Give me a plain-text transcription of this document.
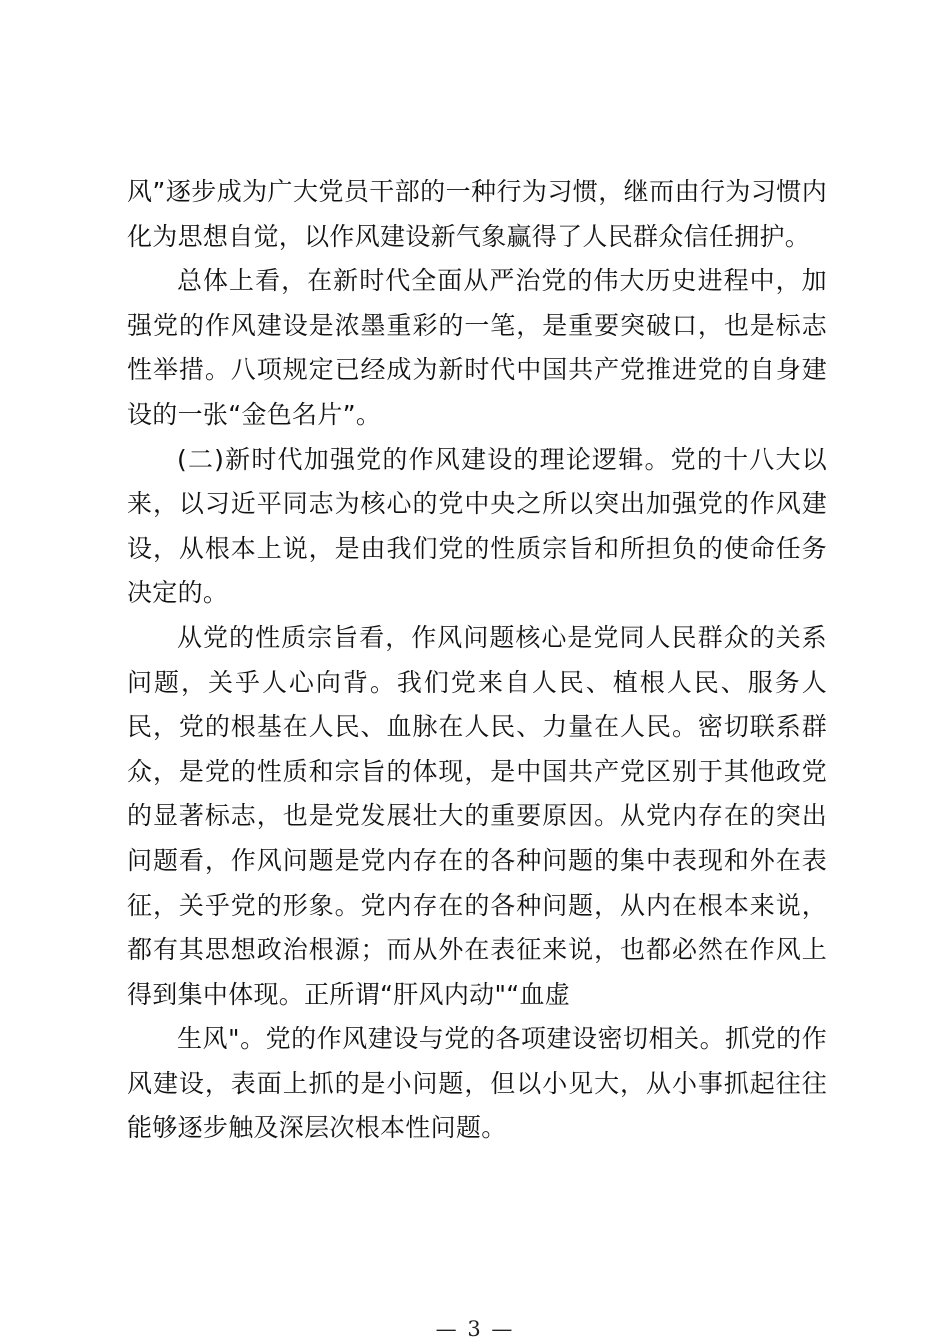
风”逐步成为广大党员干部的一种行为习惯，继而由行为习惯内化为思想自觉，以作风建设新气象赢得了人民群众信任拥护。

总体上看，在新时代全面从严治党的伟大历史进程中，加强党的作风建设是浓墨重彩的一笔，是重要突破口，也是标志性举措。八项规定已经成为新时代中国共产党推进党的自身建设的一张“金色名片”。

(二)新时代加强党的作风建设的理论逻辑。党的十八大以来，以习近平同志为核心的党中央之所以突出加强党的作风建设，从根本上说，是由我们党的性质宗旨和所担负的使命任务决定的。

从党的性质宗旨看，作风问题核心是党同人民群众的关系问题，关乎人心向背。我们党来自人民、植根人民、服务人民，党的根基在人民、血脉在人民、力量在人民。密切联系群众，是党的性质和宗旨的体现，是中国共产党区别于其他政党的显著标志，也是党发展壮大的重要原因。从党内存在的突出问题看，作风问题是党内存在的各种问题的集中表现和外在表征，关乎党的形象。党内存在的各种问题，从内在根本来说，都有其思想政治根源；而从外在表征来说，也都必然在作风上得到集中体现。正所谓“肝风内动"“血虚

生风"。党的作风建设与党的各项建设密切相关。抓党的作风建设，表面上抓的是小问题，但以小见大，从小事抓起往往能够逐步触及深层次根本性问题。

— 3 —
